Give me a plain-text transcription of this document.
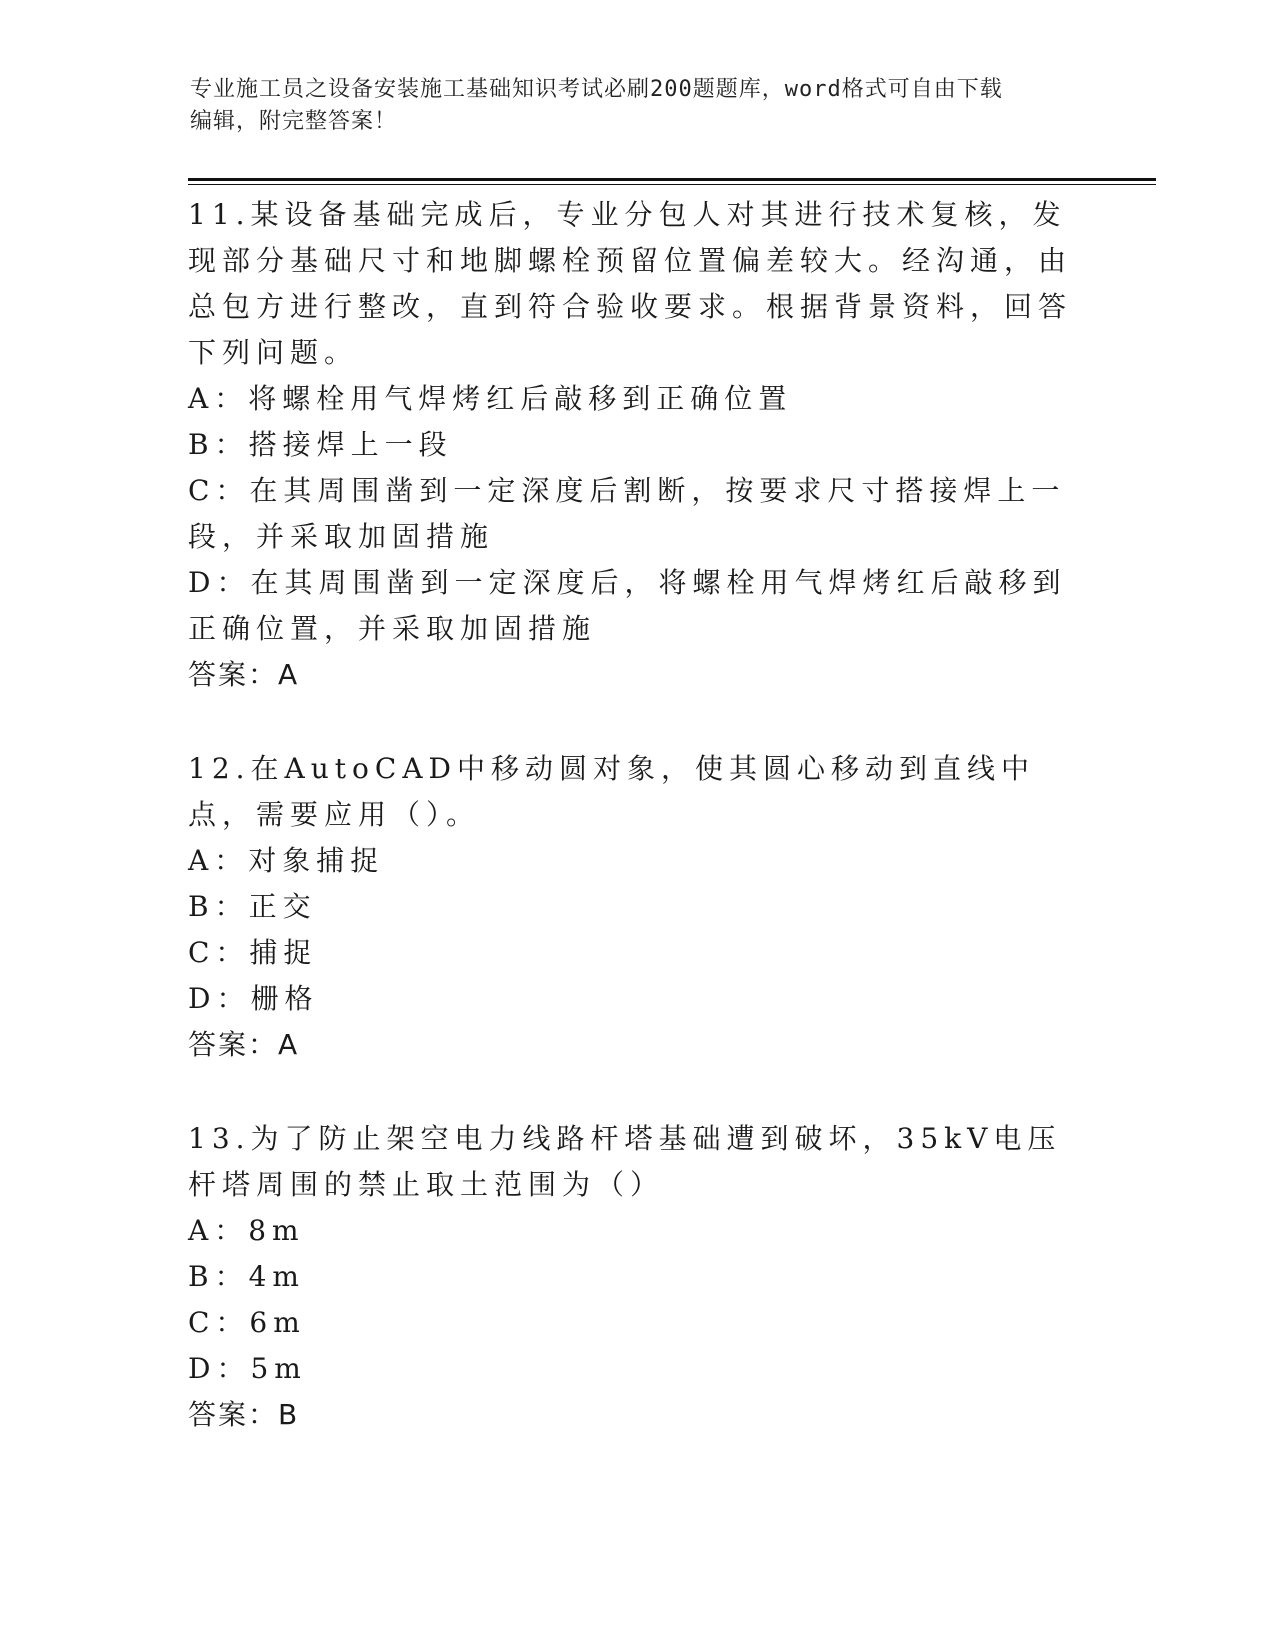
专业施工员之设备安装施工基础知识考试必刷200题题库，word格式可自由下载
编辑，附完整答案！

11.某设备基础完成后，专业分包人对其进行技术复核，发现部分基础尺寸和地脚螺栓预留位置偏差较大。经沟通，由总包方进行整改，直到符合验收要求。根据背景资料，回答下列问题。

A：将螺栓用气焊烤红后敲移到正确位置

B：搭接焊上一段

C：在其周围凿到一定深度后割断，按要求尺寸搭接焊上一段，并采取加固措施

D：在其周围凿到一定深度后，将螺栓用气焊烤红后敲移到正确位置，并采取加固措施

答案：A

12.在AutoCAD中移动圆对象，使其圆心移动到直线中点，需要应用（）。

A：对象捕捉

B：正交

C：捕捉

D：栅格

答案：A

13.为了防止架空电力线路杆塔基础遭到破坏，35kV电压杆塔周围的禁止取土范围为（）

A：8m

B：4m

C：6m

D：5m

答案：B
